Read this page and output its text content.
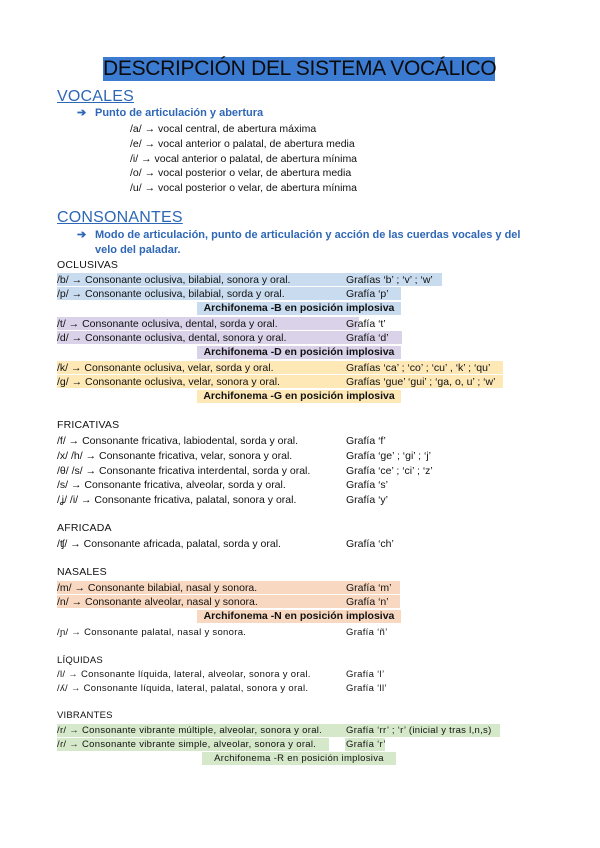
DESCRIPCIÓN DEL SISTEMA VOCÁLICO
VOCALES
➔ Punto de articulación y abertura
/a/ → vocal central, de abertura máxima
/e/ → vocal anterior o palatal, de abertura media
/i/ → vocal anterior o palatal, de abertura mínima
/o/ → vocal posterior o velar, de abertura media
/u/ → vocal posterior o velar, de abertura mínima
CONSONANTES
➔ Modo de articulación, punto de articulación y acción de las cuerdas vocales y del velo del paladar.
OCLUSIVAS
/b/ → Consonante oclusiva, bilabial, sonora y oral.	Grafías ‘b’ ; ‘v’ ; ‘w’
/p/ → Consonante oclusiva, bilabial, sorda y oral.	Grafía ‘p’
Archifonema -B en posición implosiva
/t/ → Consonante oclusiva, dental, sorda y oral.	Grafía ‘t’
/d/ → Consonante oclusiva, dental, sonora y oral.	Grafía ‘d’
Archifonema -D en posición implosiva
/k/ → Consonante oclusiva, velar, sorda y oral.	Grafías ‘ca’ ; ‘co’ ; ‘cu’ , ‘k’ ; ‘qu’
/g/ → Consonante oclusiva, velar, sonora y oral.	Grafías ‘gue’ ‘gui’ ; ‘ga, o, u’ ; ‘w’
Archifonema -G en posición implosiva
FRICATIVAS
/f/ → Consonante fricativa, labiodental, sorda y oral.	Grafía ‘f’
/x/ /h/ → Consonante fricativa, velar, sonora y oral.	Grafía ‘ge’ ; ‘gi’ ; ‘j’
/θ/ /s/ → Consonante fricativa interdental, sorda y oral.	Grafía ‘ce’ ; ‘ci’ ; ‘z’
/s/ → Consonante fricativa, alveolar, sorda y oral.	Grafía ‘s’
/ʝ/ /i/ → Consonante fricativa, palatal, sonora y oral.	Grafía ‘y’
AFRICADA
/ʧ/ → Consonante africada, palatal, sorda y oral.	Grafía ‘ch’
NASALES
/m/ → Consonante bilabial, nasal y sonora.	Grafía ‘m’
/n/ → Consonante alveolar, nasal y sonora.	Grafía ‘n’
Archifonema -N en posición implosiva
/ɲ/ → Consonante palatal, nasal y sonora.	Grafía ‘ñ’
LÍQUIDAS
/l/ → Consonante líquida, lateral, alveolar, sonora y oral.	Grafía ‘l’
/ʎ/ → Consonante líquida, lateral, palatal, sonora y oral.	Grafía ‘ll’
VIBRANTES
/r/ → Consonante vibrante múltiple, alveolar, sonora y oral.	Grafía ‘rr’ ; ‘r’ (inicial y tras l,n,s)
/ɾ/ → Consonante vibrante simple, alveolar, sonora y oral.	Grafía ‘r’
Archifonema -R en posición implosiva
